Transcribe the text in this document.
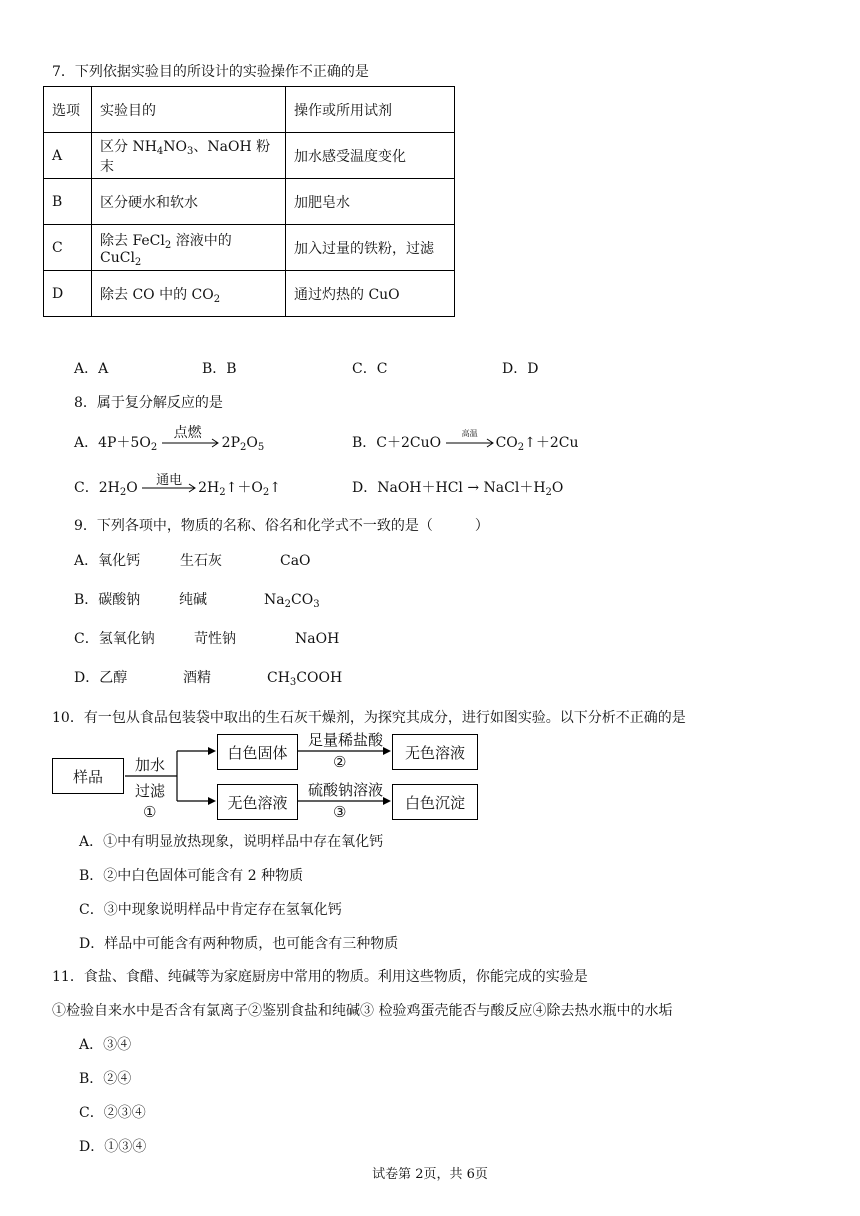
7．下列依据实验目的所设计的实验操作不正确的是
选项	实验目的	操作或所用试剂
A	区分 $NH_4NO_3$、NaOH 粉末	加水感受温度变化
B	区分硬水和软水	加肥皂水
C	除去 FeCl$_2$ 溶液中的 CuCl$_2$	加入过量的铁粉，过滤
D	除去 CO 中的 $CO_2$	通过灼热的 CuO
A．A	B．B	C．C	D．D
8．属于复分解反应的是
A．$4P+5O_2$
点燃
$2P_2O_5$	B．C＋2CuO
高温
$CO_2↑+2Cu$
C．$2H_2O$ 通电 $2H_2↑+O_2↑$	D．NaOH＋HCl → $NaCl+H_2O$
9．下列各项中，物质的名称、俗名和化学式不一致的是（　　　）
A．氧化钙	生石灰	CaO
B．碳酸钠	纯碱	$Na_2CO_3$
C．氢氧化钠	苛性钠	NaOH
D．乙醇	酒精	$CH_3COOH$
10．有一包从食品包装袋中取出的生石灰干燥剂，为探究其成分，进行如图实验。以下分析不正确的是
样品
加水
过滤
①
白色固体
无色溶液
足量稀盐酸
②
硫酸钠溶液
③
无色溶液
白色沉淀
A．①中有明显放热现象，说明样品中存在氧化钙
B．②中白色固体可能含有 2 种物质
C．③中现象说明样品中肯定存在氢氧化钙
D．样品中可能含有两种物质，也可能含有三种物质
11．食盐、食醋、纯碱等为家庭厨房中常用的物质。利用这些物质，你能完成的实验是
①检验自来水中是否含有氯离子②鉴别食盐和纯碱③ 检验鸡蛋壳能否与酸反应④除去热水瓶中的水垢
A．③④
B．②④
C．②③④
D．①③④
试卷第 2页，共 6页
